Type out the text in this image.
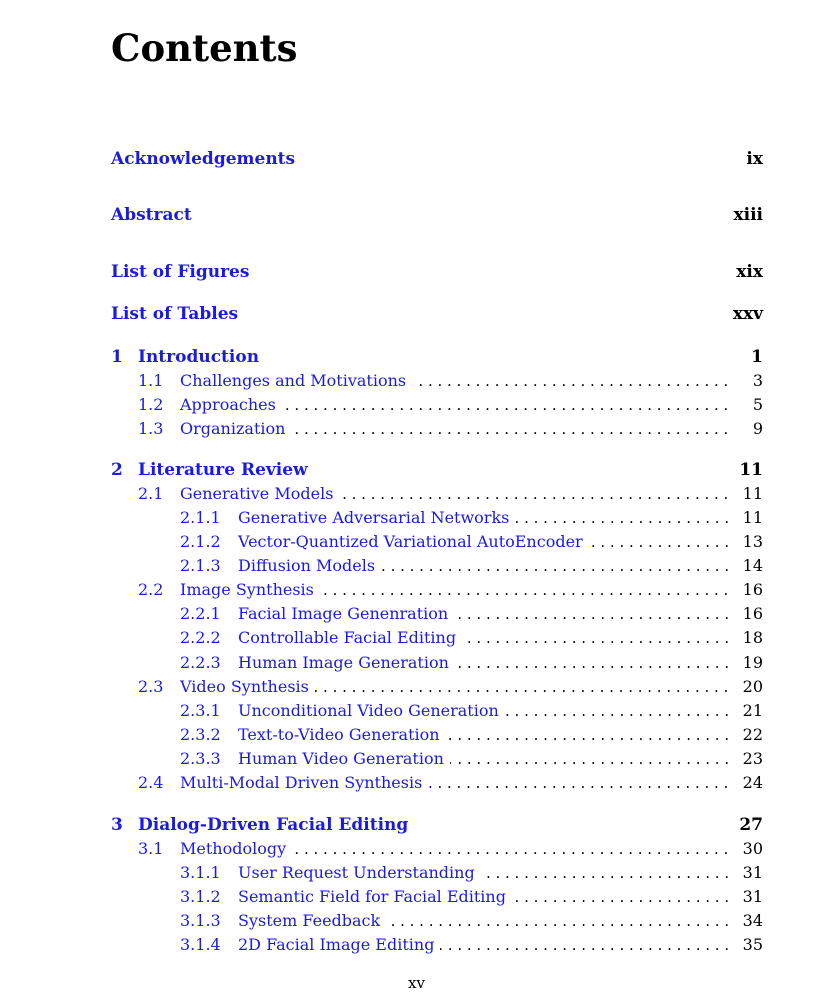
Contents
Acknowledgements	ix
Abstract	xiii
List of Figures	xix
List of Tables	xxv
1 Introduction	1
1.1 Challenges and Motivations . . .	3
1.2 Approaches . . .	5
1.3 Organization . . .	9
2 Literature Review	11
2.1 Generative Models . . .	11
2.1.1 Generative Adversarial Networks . . .	11
2.1.2 Vector-Quantized Variational AutoEncoder . . .	13
2.1.3 Diffusion Models . . .	14
2.2 Image Synthesis . . .	16
2.2.1 Facial Image Genenration . . .	16
2.2.2 Controllable Facial Editing . . .	18
2.2.3 Human Image Generation . . .	19
2.3 Video Synthesis . . .	20
2.3.1 Unconditional Video Generation . . .	21
2.3.2 Text-to-Video Generation . . .	22
2.3.3 Human Video Generation . . .	23
2.4 Multi-Modal Driven Synthesis . . .	24
3 Dialog-Driven Facial Editing	27
3.1 Methodology . . .	30
3.1.1 User Request Understanding . . .	31
3.1.2 Semantic Field for Facial Editing . . .	31
3.1.3 System Feedback . . .	34
3.1.4 2D Facial Image Editing . . .	35
xv
